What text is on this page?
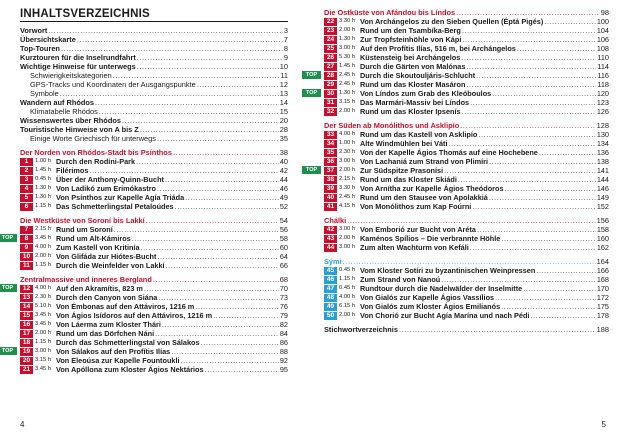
INHALTSVERZEICHNIS
Vorwort .....	3
Übersichtskarte .....	7
Top-Touren .....	8
Kurztouren für die Inselrundfahrt .....	9
Wichtige Hinweise für unterwegs .....	10
Schwierigkeitskategorien .....	11
GPS-Tracks und Koordinaten der Ausgangspunkte .....	12
Symbole .....	13
Wandern auf Rhódos .....	14
Klimatabelle Rhódos .....	15
Wissenswertes über Rhódos .....	20
Touristische Hinweise von A bis Z .....	28
Einige Worte Griechisch für unterwegs .....	35
Der Norden von Rhódos-Stadt bis Psínthos .....	38
1	1.00 h Durch den Rodíni-Park .....	40
2	1.45 h Filérimos .....	42
3	0.45 h Über der Anthony-Quinn-Bucht .....	44
4	1.30 h Von Ladikó zum Erimókastro .....	46
5	1.30 h Von Psínthos zur Kapelle Agía Triáda .....	49
6	1.15 h Das Schmetterlingstal Petaloúdes .....	52
Die Westküste von Soroní bis Lakkí .....	54
7	2.15 h Rund um Soroní .....	56
TOP	8	3.45 h Rund um Alt-Kámiros .....	58
9	4.00 h Zum Kastell von Kritinía .....	60
10 2.00 h Von Glifáda zur Hiótes-Bucht .....	64
11 1.15 h Durch die Weinfelder von Lakkí .....	66
Zentralmassive und inneres Bergland .....	68
TOP	12 4.00 h Auf den Akramítis, 823 m .....	70
13 2.30 h Durch den Canyon von Siána .....	73
14 5.10 h Von Émbonas auf den Attáviros, 1216 m .....	76
15 3.45 h Von Ágios Isídoros auf den Attáviros, 1216 m .....	79
16 3.45 h Von Láerma zum Kloster Thári .....	82
17 2.00 h Rund um das Dörfchen Náni .....	84
18 1.15 h Durch das Schmetterlingstal von Sálakos .....	86
TOP	19 3.00 h Von Sálakos auf den Profítis Ilías .....	88
20 3.15 h Von Eleoúsa zur Kapelle Fountoukli .....	92
21 3.45 h Von Apóllona zum Kloster Ágios Nektários .....	95
4
Die Ostküste von Afándou bis Líndos .....	98
22 3.30 h Von Archángelos zu den Sieben Quellen (Éptá Pigés) .....	100
23 2.00 h Rund um den Tsambíka-Berg .....	104
24 1.30 h Zur Tropfsteinhöhle von Kápi .....	106
25 3.00 h Auf den Profítis Ilías, 516 m, bei Archángelos .....	108
26 5.30 h Küstensteig bei Archángelos .....	110
27 1.45 h Durch die Gärten von Malónas .....	114
TOP	28 2.45 h Durch die Skoutouljáris-Schlucht .....	116
29 2.45 h Rund um das Kloster Masáron .....	118
TOP	30 1.30 h Von Líndos zum Grab des Kleóboulos .....	120
31 3.15 h Das Marmári-Massiv bei Líndos .....	123
32 2.00 h Rund um das Kloster Ipsenís .....	126
Der Süden ab Monólithos und Asklipío .....	128
33 4.00 h Rund um das Kastell von Asklipío .....	130
34 1.00 h Alte Windmühlen bei Váti .....	134
35 2.30 h Von der Kapelle Ágios Thomás auf eine Hochebene .....	136
36 3.00 h Von Lachaniá zum Strand von Plimíri .....	138
TOP	37 2.00 h Zur Südspitze Prasonísi .....	141
38 2.15 h Rund um das Kloster Skiádi .....	144
39 3.30 h Von Arnítha zur Kapelle Ágios Theódoros .....	146
40 2.45 h Rund um den Stausee von Apolakkiá .....	149
41 4.15 h Von Monólithos zum Kap Foúrni .....	152
Chálki .....	156
42 3.00 h Von Emborió zur Bucht von Aréta .....	158
43 2.00 h Kaménos Spílios – Die verbrannte Höhle .....	160
44 3.00 h Zum alten Wachturm von Kefáli .....	162
Sými .....	164
45 0.45 h Vom Kloster Sotíri zu byzantinischen Weinpressen .....	166
46 1.15 h Zum Strand von Nanoú .....	168
47 0.45 h Rundtour durch die Nadelwälder der Inselmitte .....	170
48 4.00 h Von Gialós zur Kapelle Ágios Vassílios .....	172
49 6.15 h Von Gialós zum Kloster Ágios Emilianós .....	175
50 2.00 h Von Chorió zur Bucht Agía Marína und nach Pédi .....	178
Stichwortverzeichnis .....	188
5
